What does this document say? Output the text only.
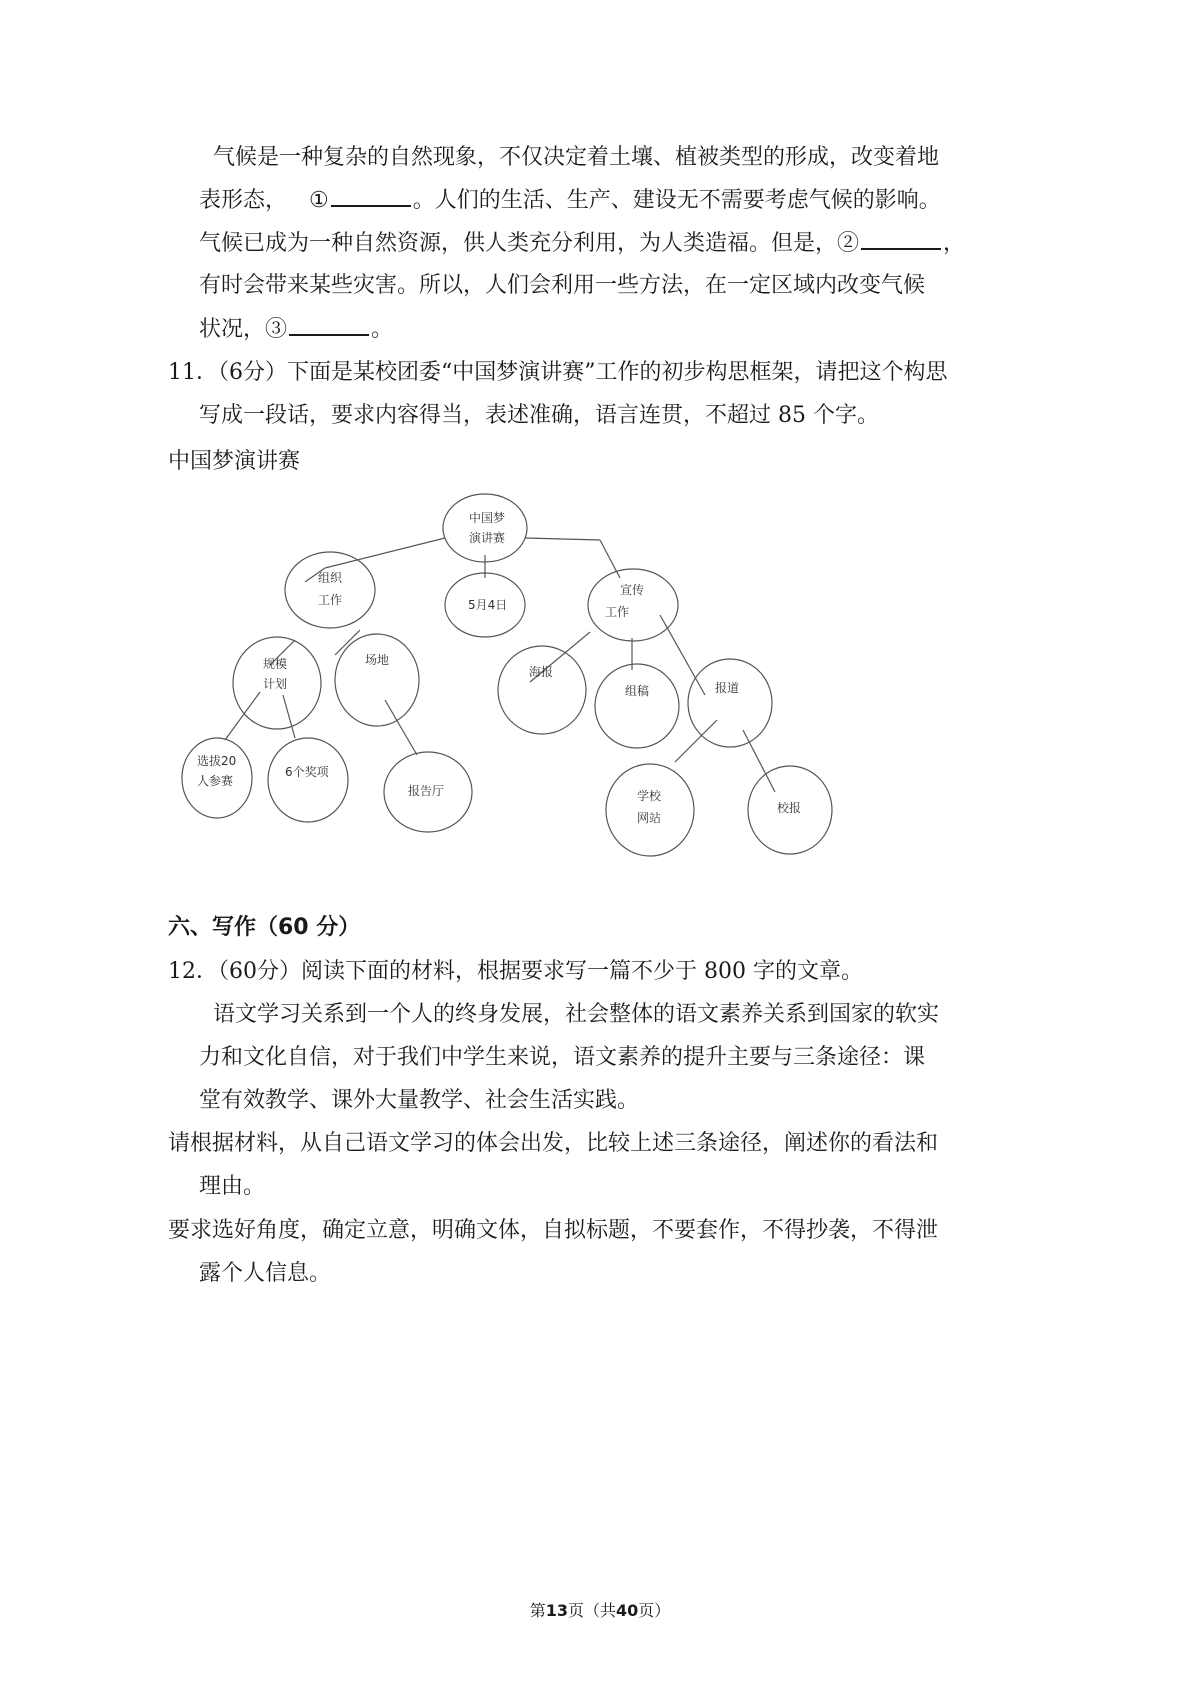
气候是一种复杂的自然现象，不仅决定着土壤、植被类型的形成，改变着地
表形态， ①	。人们的生活、生产、建设无不需要考虑气候的影响。
气候已成为一种自然资源，供人类充分利用，为人类造福。但是，②	，
有时会带来某些灾害。所以，人们会利用一些方法，在一定区域内改变气候
状况，③	。
11．（6分）下面是某校团委“中国梦演讲赛”工作的初步构思框架，请把这个构思
写成一段话，要求内容得当，表述准确，语言连贯，不超过 85 个字。
中国梦演讲赛
中国梦
演讲赛
5月4日
组织
工作
宣传
工作
规模
计划
场地
海报
组稿	报道
选拔20
人参赛
6个奖项
报告厅	学校
网站
校报
六、写作（60 分）
12．（60分）阅读下面的材料，根据要求写一篇不少于 800 字的文章。
语文学习关系到一个人的终身发展，社会整体的语文素养关系到国家的软实
力和文化自信，对于我们中学生来说，语文素养的提升主要与三条途径：课
堂有效教学、课外大量教学、社会生活实践。
请根据材料，从自己语文学习的体会出发，比较上述三条途径，阐述你的看法和
理由。
要求选好角度，确定立意，明确文体，自拟标题，不要套作，不得抄袭，不得泄
露个人信息。
第13页（共40页）
